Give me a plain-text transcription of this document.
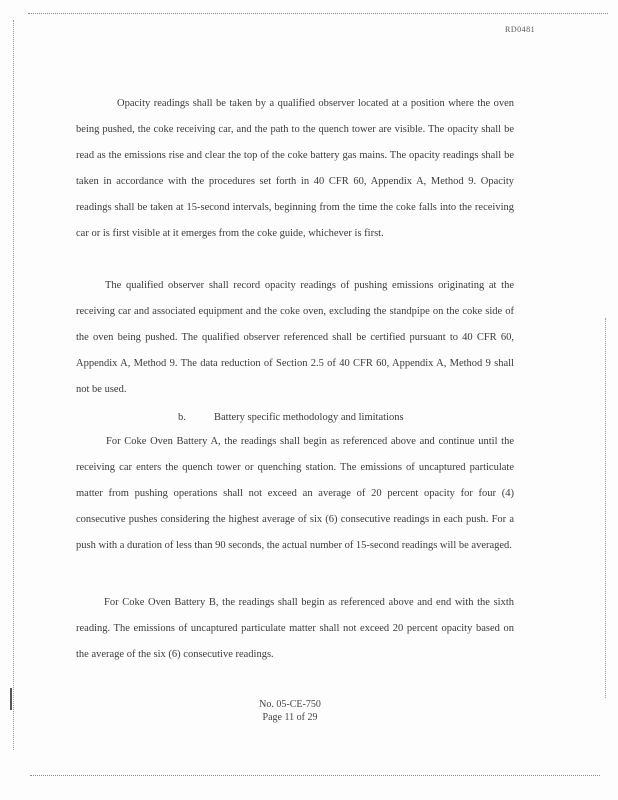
RD0481

Opacity readings shall be taken by a qualified observer located at a position where the oven being pushed, the coke receiving car, and the path to the quench tower are visible. The opacity shall be read as the emissions rise and clear the top of the coke battery gas mains. The opacity readings shall be taken in accordance with the procedures set forth in 40 CFR 60, Appendix A, Method 9. Opacity readings shall be taken at 15-second intervals, beginning from the time the coke falls into the receiving car or is first visible at it emerges from the coke guide, whichever is first.

The qualified observer shall record opacity readings of pushing emissions originating at the receiving car and associated equipment and the coke oven, excluding the standpipe on the coke side of the oven being pushed. The qualified observer referenced shall be certified pursuant to 40 CFR 60, Appendix A, Method 9. The data reduction of Section 2.5 of 40 CFR 60, Appendix A, Method 9 shall not be used.

b.	Battery specific methodology and limitations

For Coke Oven Battery A, the readings shall begin as referenced above and continue until the receiving car enters the quench tower or quenching station. The emissions of uncaptured particulate matter from pushing operations shall not exceed an average of 20 percent opacity for four (4) consecutive pushes considering the highest average of six (6) consecutive readings in each push. For a push with a duration of less than 90 seconds, the actual number of 15-second readings will be averaged.

For Coke Oven Battery B, the readings shall begin as referenced above and end with the sixth reading. The emissions of uncaptured particulate matter shall not exceed 20 percent opacity based on the average of the six (6) consecutive readings.

No. 05-CE-750
Page 11 of 29
